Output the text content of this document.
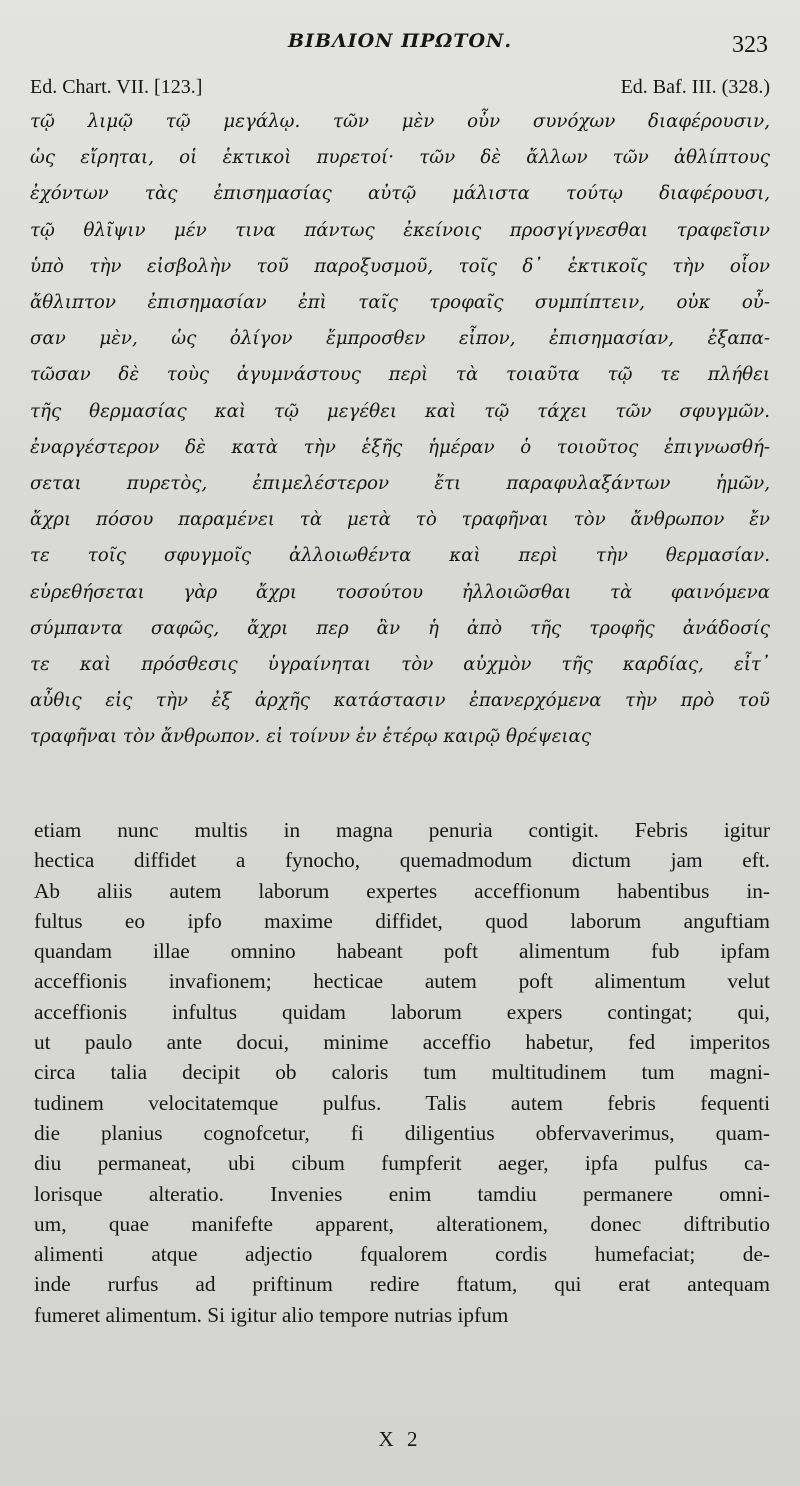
ΒΙΒΛΙΟΝ ΠΡΩΤΟΝ.	323
Ed. Chart. VII. [123.]	Ed. Baf. III. (328.)
τῷ λιμῷ τῷ μεγάλῳ. τῶν μὲν οὖν συνόχων διαφέρουσιν,
ὡς εἴρηται, οἱ ἑκτικοὶ πυρετοί· τῶν δὲ ἄλλων τῶν ἀθλίπτους
ἐχόντων τὰς ἐπισημασίας αὐτῷ μάλιστα τούτῳ διαφέρουσι,
τῷ θλῖψιν μέν τινα πάντως ἐκείνοις προσγίγνεσθαι τραφεῖσιν
ὑπὸ τὴν εἰσβολὴν τοῦ παροξυσμοῦ, τοῖς δ᾽ ἑκτικοῖς τὴν οἷον
ἄθλιπτον ἐπισημασίαν ἐπὶ ταῖς τροφαῖς συμπίπτειν, οὐκ οὖ-
σαν μὲν, ὡς ὀλίγον ἔμπροσθεν εἶπον, ἐπισημασίαν, ἐξαπα-
τῶσαν δὲ τοὺς ἀγυμνάστους περὶ τὰ τοιαῦτα τῷ τε πλήθει
τῆς θερμασίας καὶ τῷ μεγέθει καὶ τῷ τάχει τῶν σφυγμῶν.
ἐναργέστερον δὲ κατὰ τὴν ἑξῆς ἡμέραν ὁ τοιοῦτος ἐπιγνωσθή-
σεται πυρετὸς, ἐπιμελέστερον ἔτι παραφυλαξάντων ἡμῶν,
ἄχρι πόσου παραμένει τὰ μετὰ τὸ τραφῆναι τὸν ἄνθρωπον ἔν
τε τοῖς σφυγμοῖς ἀλλοιωθέντα καὶ περὶ τὴν θερμασίαν.
εὑρεθήσεται γὰρ ἄχρι τοσούτου ἠλλοιῶσθαι τὰ φαινόμενα
σύμπαντα σαφῶς, ἄχρι περ ἂν ἡ ἀπὸ τῆς τροφῆς ἀνάδοσίς
τε καὶ πρόσθεσις ὑγραίνηται τὸν αὐχμὸν τῆς καρδίας, εἶτ᾽
αὖθις εἰς τὴν ἐξ ἀρχῆς κατάστασιν ἐπανερχόμενα τὴν πρὸ τοῦ
τραφῆναι τὸν ἄνθρωπον. εἰ τοίνυν ἐν ἑτέρῳ καιρῷ θρέψειας
etiam nunc multis in magna penuria contigit. Febris igitur
hectica diffidet a fynocho, quemadmodum dictum jam eft.
Ab aliis autem laborum expertes acceffionum habentibus in-
fultus eo ipfo maxime diffidet, quod laborum anguftiam
quandam illae omnino habeant poft alimentum fub ipfam
acceffionis invafionem; hecticae autem poft alimentum velut
acceffionis infultus quidam laborum expers contingat; qui,
ut paulo ante docui, minime acceffio habetur, fed imperitos
circa talia decipit ob caloris tum multitudinem tum magni-
tudinem velocitatemque pulfus. Talis autem febris fequenti
die planius cognofcetur, fi diligentius obfervaverimus, quam-
diu permaneat, ubi cibum fumpferit aeger, ipfa pulfus ca-
lorisque alteratio. Invenies enim tamdiu permanere omni-
um, quae manifefte apparent, alterationem, donec diftributio
alimenti atque adjectio fqualorem cordis humefaciat; de-
inde rurfus ad priftinum redire ftatum, qui erat antequam
fumeret alimentum. Si igitur alio tempore nutrias ipfum
X 2
